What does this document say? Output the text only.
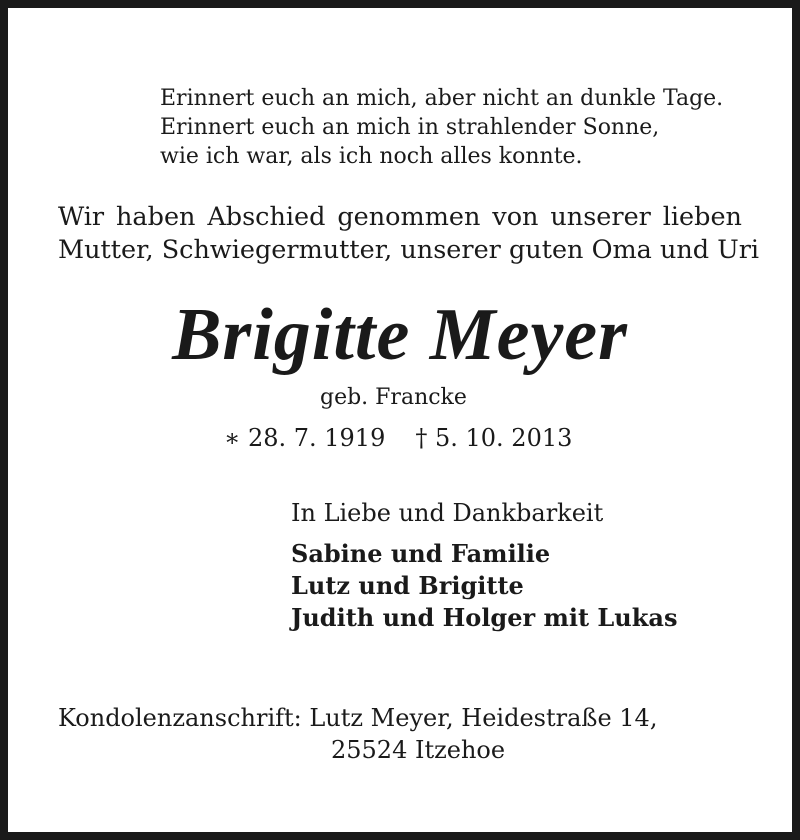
Erinnert euch an mich, aber nicht an dunkle Tage.
Erinnert euch an mich in strahlender Sonne,
wie ich war, als ich noch alles konnte.
Wir haben Abschied genommen von unserer lieben
Mutter, Schwiegermutter, unserer guten Oma und Uri
Brigitte Meyer
geb. Francke
∗ 28. 7. 1919 † 5. 10. 2013
In Liebe und Dankbarkeit
Sabine und Familie
Lutz und Brigitte
Judith und Holger mit Lukas
Kondolenzanschrift: Lutz Meyer, Heidestraße 14,
25524 Itzehoe
